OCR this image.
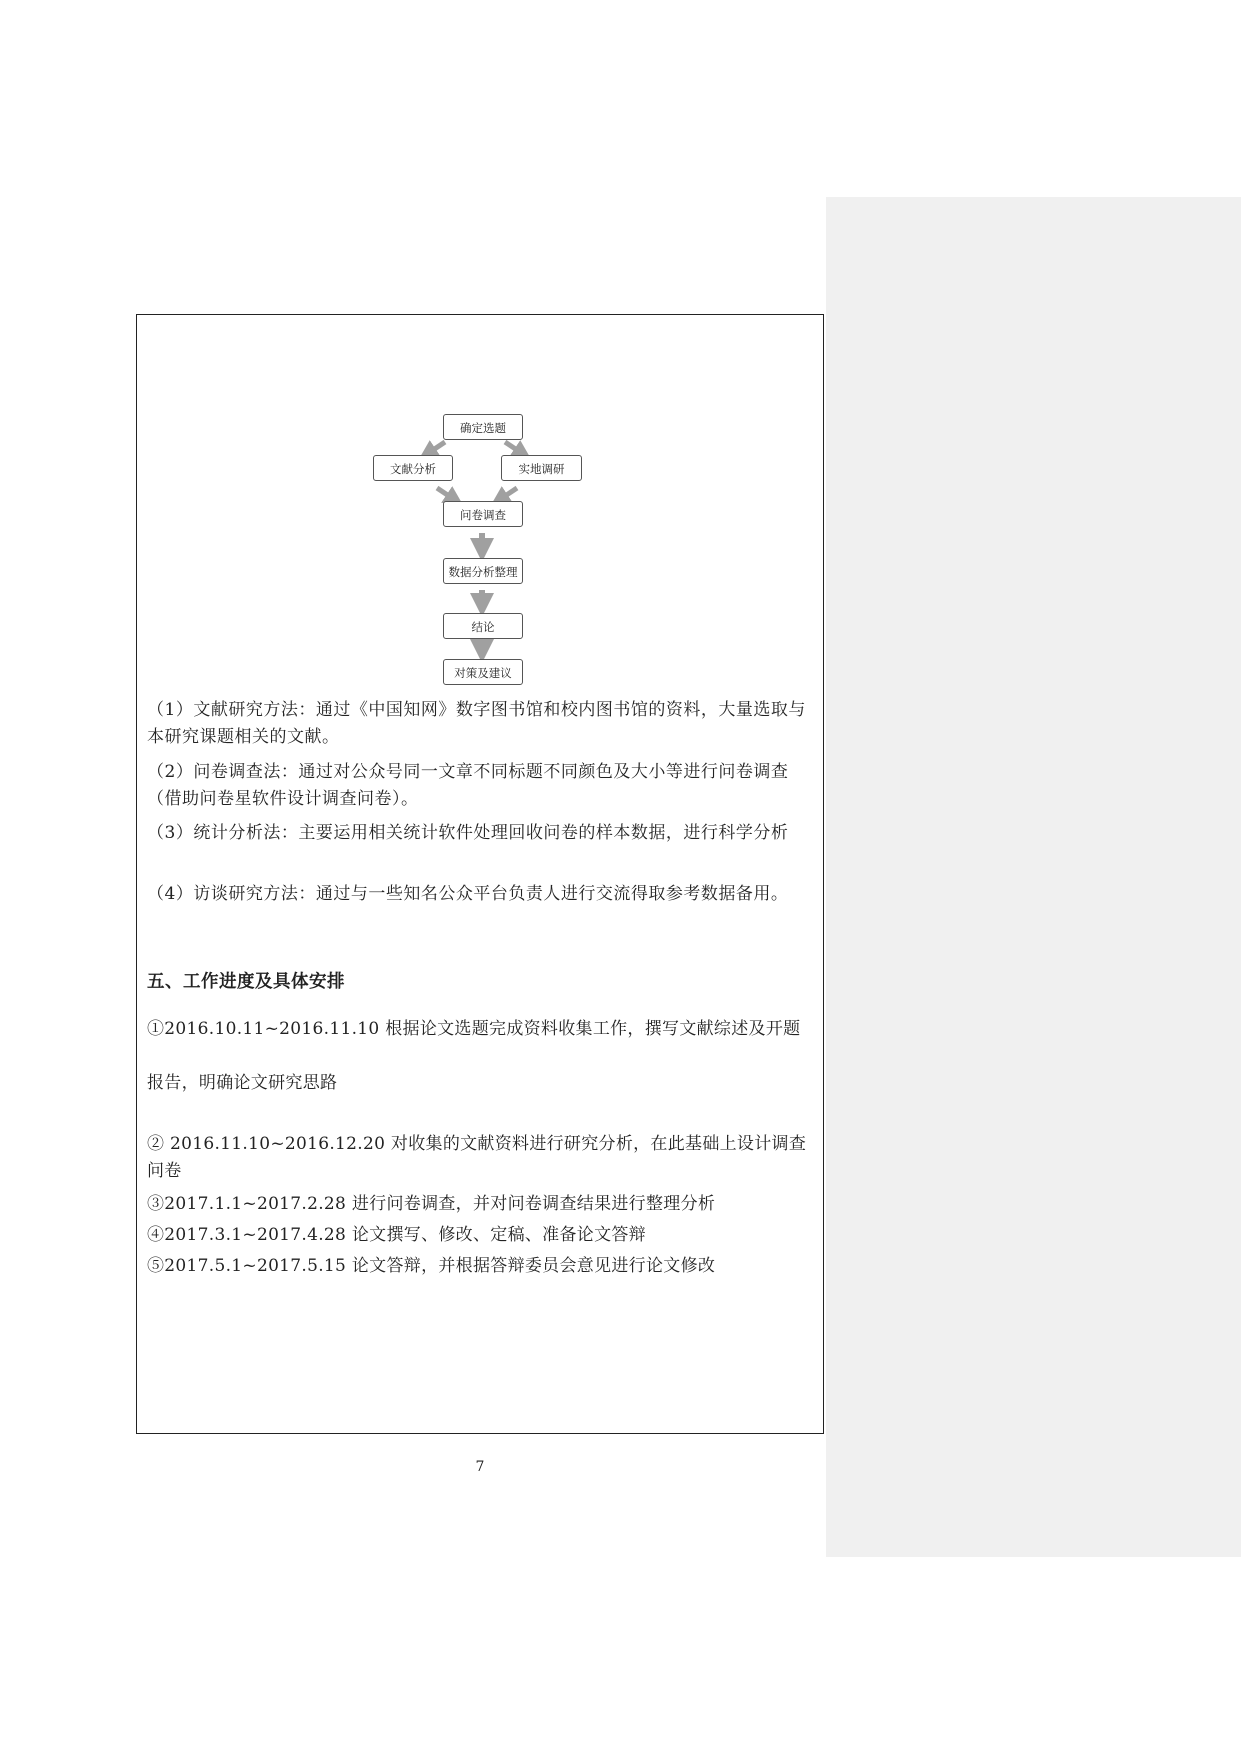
确定选题
文献分析	实地调研
问卷调查
数据分析整理
结论
对策及建议

（1）文献研究方法：通过《中国知网》数字图书馆和校内图书馆的资料，大量选取与本研究课题相关的文献。

（2）问卷调查法：通过对公众号同一文章不同标题不同颜色及大小等进行问卷调查（借助问卷星软件设计调查问卷）。

（3）统计分析法：主要运用相关统计软件处理回收问卷的样本数据，进行科学分析

（4）访谈研究方法：通过与一些知名公众平台负责人进行交流得取参考数据备用。

五、工作进度及具体安排

①2016.10.11~2016.11.10 根据论文选题完成资料收集工作，撰写文献综述及开题

报告，明确论文研究思路

② 2016.11.10~2016.12.20 对收集的文献资料进行研究分析，在此基础上设计调查问卷

③2017.1.1~2017.2.28 进行问卷调查，并对问卷调查结果进行整理分析

④2017.3.1~2017.4.28 论文撰写、修改、定稿、准备论文答辩

⑤2017.5.1~2017.5.15 论文答辩，并根据答辩委员会意见进行论文修改

7
